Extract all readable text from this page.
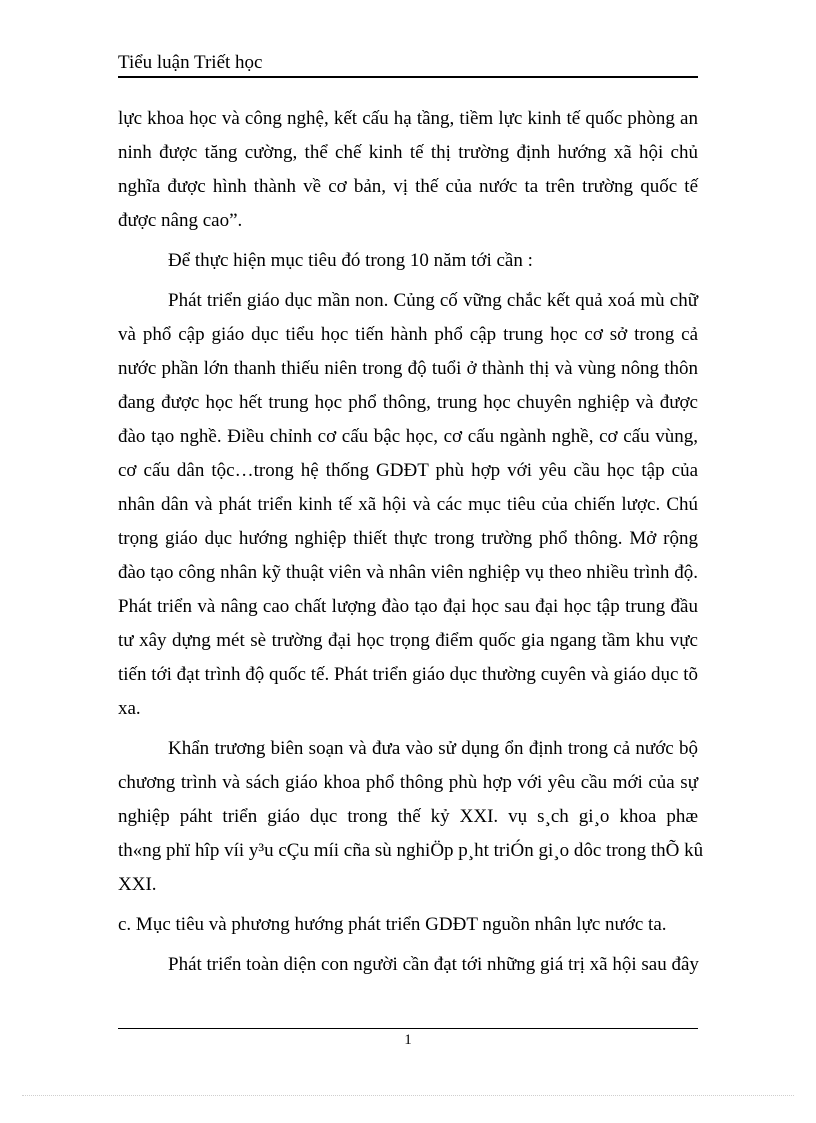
Tiểu luận Triết học

lực khoa học và công nghệ, kết cấu hạ tầng, tiềm lực kinh tế quốc phòng an
ninh được tăng cường, thể chế kinh tế thị trường định hướng xã hội chủ
nghĩa được hình thành về cơ bản, vị thế của nước ta trên trường quốc tế
được nâng cao”.

Để thực hiện mục tiêu đó trong 10 năm tới cần :

Phát triển giáo dục mần non. Củng cố vững chắc kết quả xoá mù chữ
và phổ cập giáo dục tiểu học tiến hành phổ cập trung học cơ sở trong cả
nước phần lớn thanh thiếu niên trong độ tuổi ở thành thị và vùng nông thôn
đang được học hết trung học phổ thông, trung học chuyên nghiệp và được
đào tạo nghề. Điều chỉnh cơ cấu bậc học, cơ cấu ngành nghề, cơ cấu vùng,
cơ cấu dân tộc…trong hệ thống GDĐT phù hợp với yêu cầu học tập của
nhân dân và phát triển kinh tế xã hội và các mục tiêu của chiến lược. Chú
trọng giáo dục hướng nghiệp thiết thực trong trường phổ thông. Mở rộng
đào tạo công nhân kỹ thuật viên và nhân viên nghiệp vụ theo nhiều trình độ.
Phát triển và nâng cao chất lượng đào tạo đại học sau đại học tập trung đầu
tư xây dựng mét sè trường đại học trọng điểm quốc gia ngang tầm khu vực
tiến tới đạt trình độ quốc tế. Phát triển giáo dục thường cuyên và giáo dục tõ
xa.

Khẩn trương biên soạn và đưa vào sử dụng ổn định trong cả nước bộ
chương trình và sách giáo khoa phổ thông phù hợp với yêu cầu mới của sự
nghiệp páht triển giáo dục trong thế kỷ XXI. vụ s¸ch gi¸o khoa phæ
th«ng phï hîp víi y³u cÇu míi cña sù nghiÖp p¸ht triÓn gi¸o dôc trong thÕ kû
XXI.

c. Mục tiêu và phương hướng phát triển GDĐT nguồn nhân lực nước ta.

Phát triển toàn diện con người cần đạt tới những giá trị xã hội sau đây

1
